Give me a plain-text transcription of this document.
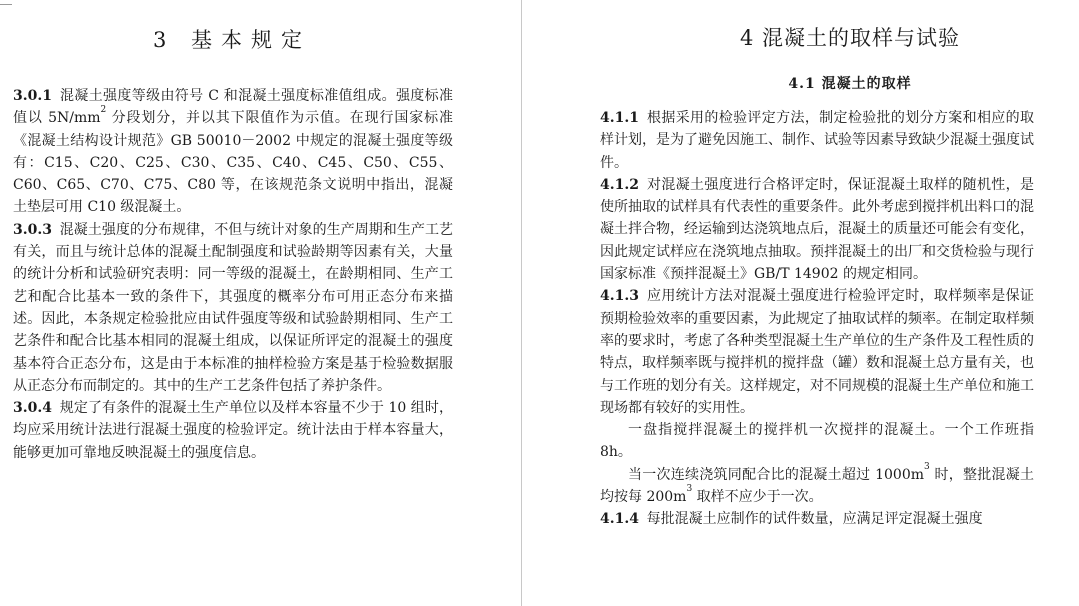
3 基本规定

3.0.1 混凝土强度等级由符号 C 和混凝土强度标准值组成。强度标准值以 $5N/mm^2$ 分段划分，并以其下限值作为示值。在现行国家标准《混凝土结构设计规范》GB 50010－2002 中规定的混凝土强度等级有：C15、C20、C25、C30、C35、C40、C45、C50、C55、C60、C65、C70、C75、C80 等，在该规范条文说明中指出，混凝土垫层可用 C10 级混凝土。

3.0.3 混凝土强度的分布规律，不但与统计对象的生产周期和生产工艺有关，而且与统计总体的混凝土配制强度和试验龄期等因素有关，大量的统计分析和试验研究表明：同一等级的混凝土，在龄期相同、生产工艺和配合比基本一致的条件下，其强度的概率分布可用正态分布来描述。因此，本条规定检验批应由试件强度等级和试验龄期相同、生产工艺条件和配合比基本相同的混凝土组成，以保证所评定的混凝土的强度基本符合正态分布，这是由于本标准的抽样检验方案是基于检验数据服从正态分布而制定的。其中的生产工艺条件包括了养护条件。

3.0.4 规定了有条件的混凝土生产单位以及样本容量不少于 10 组时，均应采用统计法进行混凝土强度的检验评定。统计法由于样本容量大，能够更加可靠地反映混凝土的强度信息。

4 混凝土的取样与试验
4.1 混凝土的取样

4.1.1 根据采用的检验评定方法，制定检验批的划分方案和相应的取样计划，是为了避免因施工、制作、试验等因素导致缺少混凝土强度试件。

4.1.2 对混凝土强度进行合格评定时，保证混凝土取样的随机性，是使所抽取的试样具有代表性的重要条件。此外考虑到搅拌机出料口的混凝土拌合物，经运输到达浇筑地点后，混凝土的质量还可能会有变化，因此规定试样应在浇筑地点抽取。预拌混凝土的出厂和交货检验与现行国家标准《预拌混凝土》GB/T 14902 的规定相同。

4.1.3 应用统计方法对混凝土强度进行检验评定时，取样频率是保证预期检验效率的重要因素，为此规定了抽取试样的频率。在制定取样频率的要求时，考虑了各种类型混凝土生产单位的生产条件及工程性质的特点，取样频率既与搅拌机的搅拌盘（罐）数和混凝土总方量有关，也与工作班的划分有关。这样规定，对不同规模的混凝土生产单位和施工现场都有较好的实用性。

一盘指搅拌混凝土的搅拌机一次搅拌的混凝土。一个工作班指 8h。

当一次连续浇筑同配合比的混凝土超过 $1000m^3$ 时，整批混凝土均按每 $200m^3$ 取样不应少于一次。

4.1.4 每批混凝土应制作的试件数量，应满足评定混凝土强度
